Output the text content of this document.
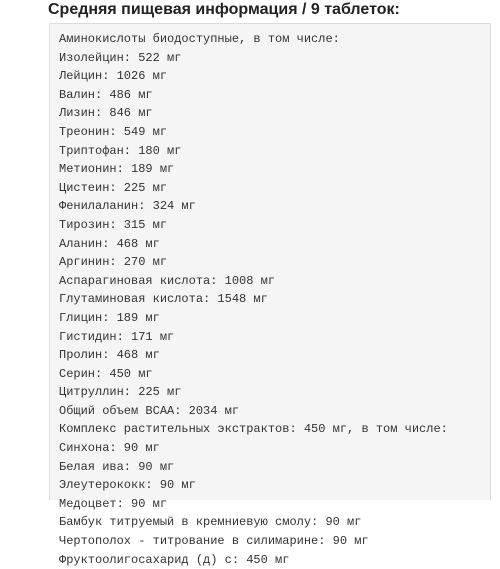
Средняя пищевая информация / 9 таблеток:
Аминокислоты биодоступные, в том числе:
Изолейцин: 522 мг
Лейцин: 1026 мг
Валин: 486 мг
Лизин: 846 мг
Треонин: 549 мг
Триптофан: 180 мг
Метионин: 189 мг
Цистеин: 225 мг
Фенилаланин: 324 мг
Тирозин: 315 мг
Аланин: 468 мг
Аргинин: 270 мг
Аспарагиновая кислота: 1008 мг
Глутаминовая кислота: 1548 мг
Глицин: 189 мг
Гистидин: 171 мг
Пролин: 468 мг
Серин: 450 мг
Цитруллин: 225 мг
Общий объем BCAA: 2034 мг
Комплекс растительных экстрактов: 450 мг, в том числе:
Синхона: 90 мг
Белая ива: 90 мг
Элеутерококк: 90 мг
Медоцвет: 90 мг
Бамбук титруемый в кремниевую смолу: 90 мг
Чертополох - титрование в силимарине: 90 мг
Фруктоолигосахарид (д) с: 450 мг
